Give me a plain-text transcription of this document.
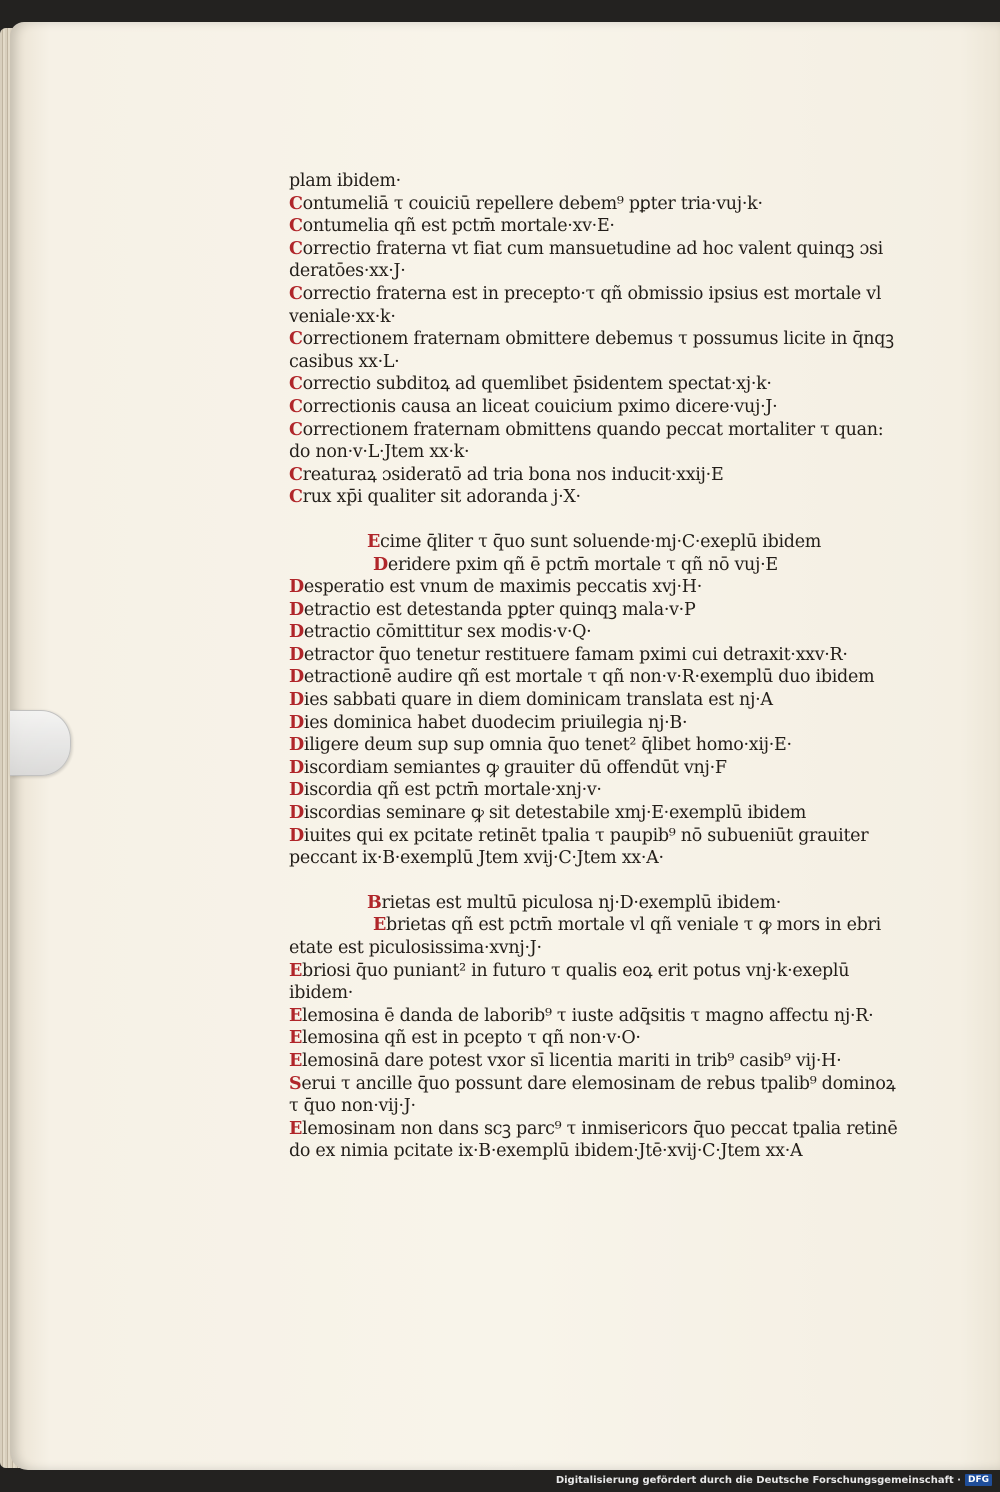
plam ibidem·
Contumeliā τ couiciū repellere debem⁹ pꝑter tria·vuj·k·
Contumelia qñ est pctm̄ mortale·xv·E·
Correctio fraterna vt fiat cum mansuetudine ad hoc valent quinqꝫ ɔsi
deratōes·xx·J·
Correctio fraterna est in precepto·τ qñ obmissio ipsius est mortale vl
veniale·xx·k·
Correctionem fraternam obmittere debemus τ possumus licite in q̄nqꝫ
casibus xx·L·
Correctio subditoꝝ ad quemlibet p̄sidentem spectat·xj·k·
Correctionis causa an liceat couicium pximo dicere·vuj·J·
Correctionem fraternam obmittens quando peccat mortaliter τ quan:
do non·v·L·Jtem xx·k·
Creaturaꝝ ɔsideratō ad tria bona nos inducit·xxij·E
Crux xp̄i qualiter sit adoranda j·X·
Ecime q̄liter τ q̄uo sunt soluende·mj·C·exeplū ibidem
Deridere pxim qñ ē pctm̄ mortale τ qñ nō vuj·E
Desperatio est vnum de maximis peccatis xvj·H·
Detractio est detestanda pꝑter quinqꝫ mala·v·P
Detractio cōmittitur sex modis·v·Q·
Detractor q̄uo tenetur restituere famam pximi cui detraxit·xxv·R·
Detractionē audire qñ est mortale τ qñ non·v·R·exemplū duo ibidem
Dies sabbati quare in diem dominicam translata est nj·A
Dies dominica habet duodecim priuilegia nj·B·
Diligere deum sup sup omnia q̄uo tenet² q̄libet homo·xij·E·
Discordiam semiantes ꝙ grauiter dū offendūt vnj·F
Discordia qñ est pctm̄ mortale·xnj·v·
Discordias seminare ꝙ sit detestabile xmj·E·exemplū ibidem
Diuites qui ex pcitate retinēt tpalia τ paupib⁹ nō subueniūt grauiter
peccant ix·B·exemplū Jtem xvij·C·Jtem xx·A·
Brietas est multū piculosa nj·D·exemplū ibidem·
Ebrietas qñ est pctm̄ mortale vl qñ veniale τ ꝙ mors in ebri
etate est piculosissima·xvnj·J·
Ebriosi q̄uo puniant² in futuro τ qualis eoꝝ erit potus vnj·k·exeplū
ibidem·
Elemosina ē danda de laborib⁹ τ iuste adq̄sitis τ magno affectu nj·R·
Elemosina qñ est in pcepto τ qñ non·v·O·
Elemosinā dare potest vxor sī licentia mariti in trib⁹ casib⁹ vij·H·
Serui τ ancille q̄uo possunt dare elemosinam de rebus tpalib⁹ dominoꝝ
τ q̄uo non·vij·J·
Elemosinam non dans scꝫ parc⁹ τ inmisericors q̄uo peccat tpalia retinē
do ex nimia pcitate ix·B·exemplū ibidem·Jtē·xvij·C·Jtem xx·A
Digitalisierung gefördert durch die Deutsche Forschungsgemeinschaft · DFG
